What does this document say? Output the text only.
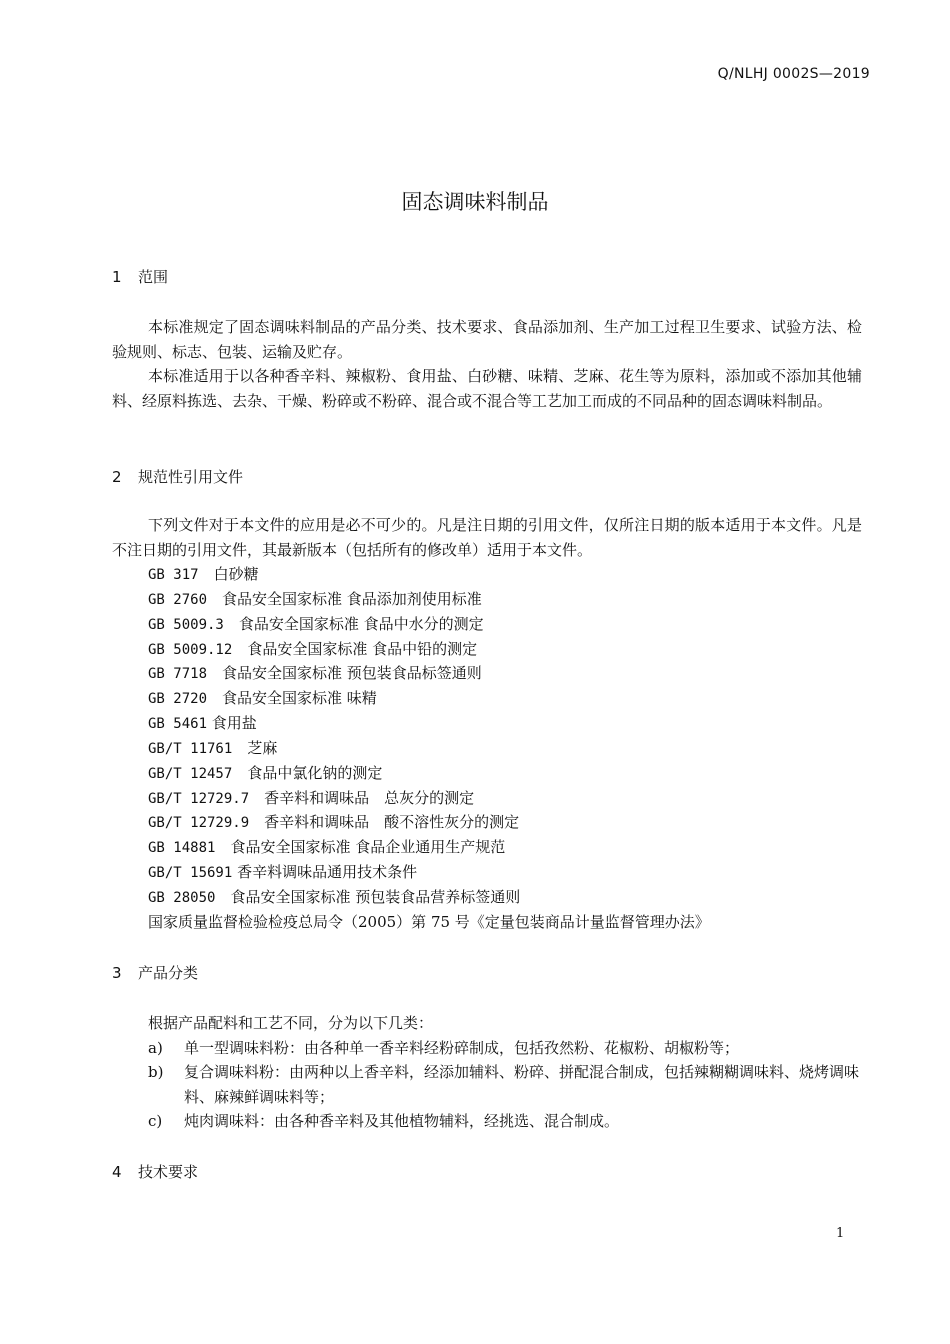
Q/NLHJ 0002S—2019
固态调味料制品
1 范围

本标准规定了固态调味料制品的产品分类、技术要求、食品添加剂、生产加工过程卫生要求、试验方法、检验规则、标志、包装、运输及贮存。

本标准适用于以各种香辛料、辣椒粉、食用盐、白砂糖、味精、芝麻、花生等为原料，添加或不添加其他辅料、经原料拣选、去杂、干燥、粉碎或不粉碎、混合或不混合等工艺加工而成的不同品种的固态调味料制品。

2 规范性引用文件

下列文件对于本文件的应用是必不可少的。凡是注日期的引用文件，仅所注日期的版本适用于本文件。凡是不注日期的引用文件，其最新版本（包括所有的修改单）适用于本文件。

GB 317　 白砂糖
GB 2760　 食品安全国家标准 食品添加剂使用标准
GB 5009.3　 食品安全国家标准 食品中水分的测定
GB 5009.12　 食品安全国家标准 食品中铅的测定
GB 7718　 食品安全国家标准 预包装食品标签通则
GB 2720　 食品安全国家标准 味精
GB 5461 食用盐
GB/T 11761　 芝麻
GB/T 12457　 食品中氯化钠的测定
GB/T 12729.7　 香辛料和调味品　总灰分的测定
GB/T 12729.9　 香辛料和调味品　酸不溶性灰分的测定
GB 14881　 食品安全国家标准 食品企业通用生产规范
GB/T 15691 香辛料调味品通用技术条件
GB 28050　 食品安全国家标准 预包装食品营养标签通则
国家质量监督检验检疫总局令（2005）第 75 号《定量包装商品计量监督管理办法》
3 产品分类
根据产品配料和工艺不同，分为以下几类：
a)	单一型调味料粉：由各种单一香辛料经粉碎制成，包括孜然粉、花椒粉、胡椒粉等；
b)	复合调味料粉：由两种以上香辛料，经添加辅料、粉碎、拼配混合制成，包括辣糊糊调味料、烧烤调味料、麻辣鲜调味料等；
c)	炖肉调味料：由各种香辛料及其他植物辅料，经挑选、混合制成。
4 技术要求
1
